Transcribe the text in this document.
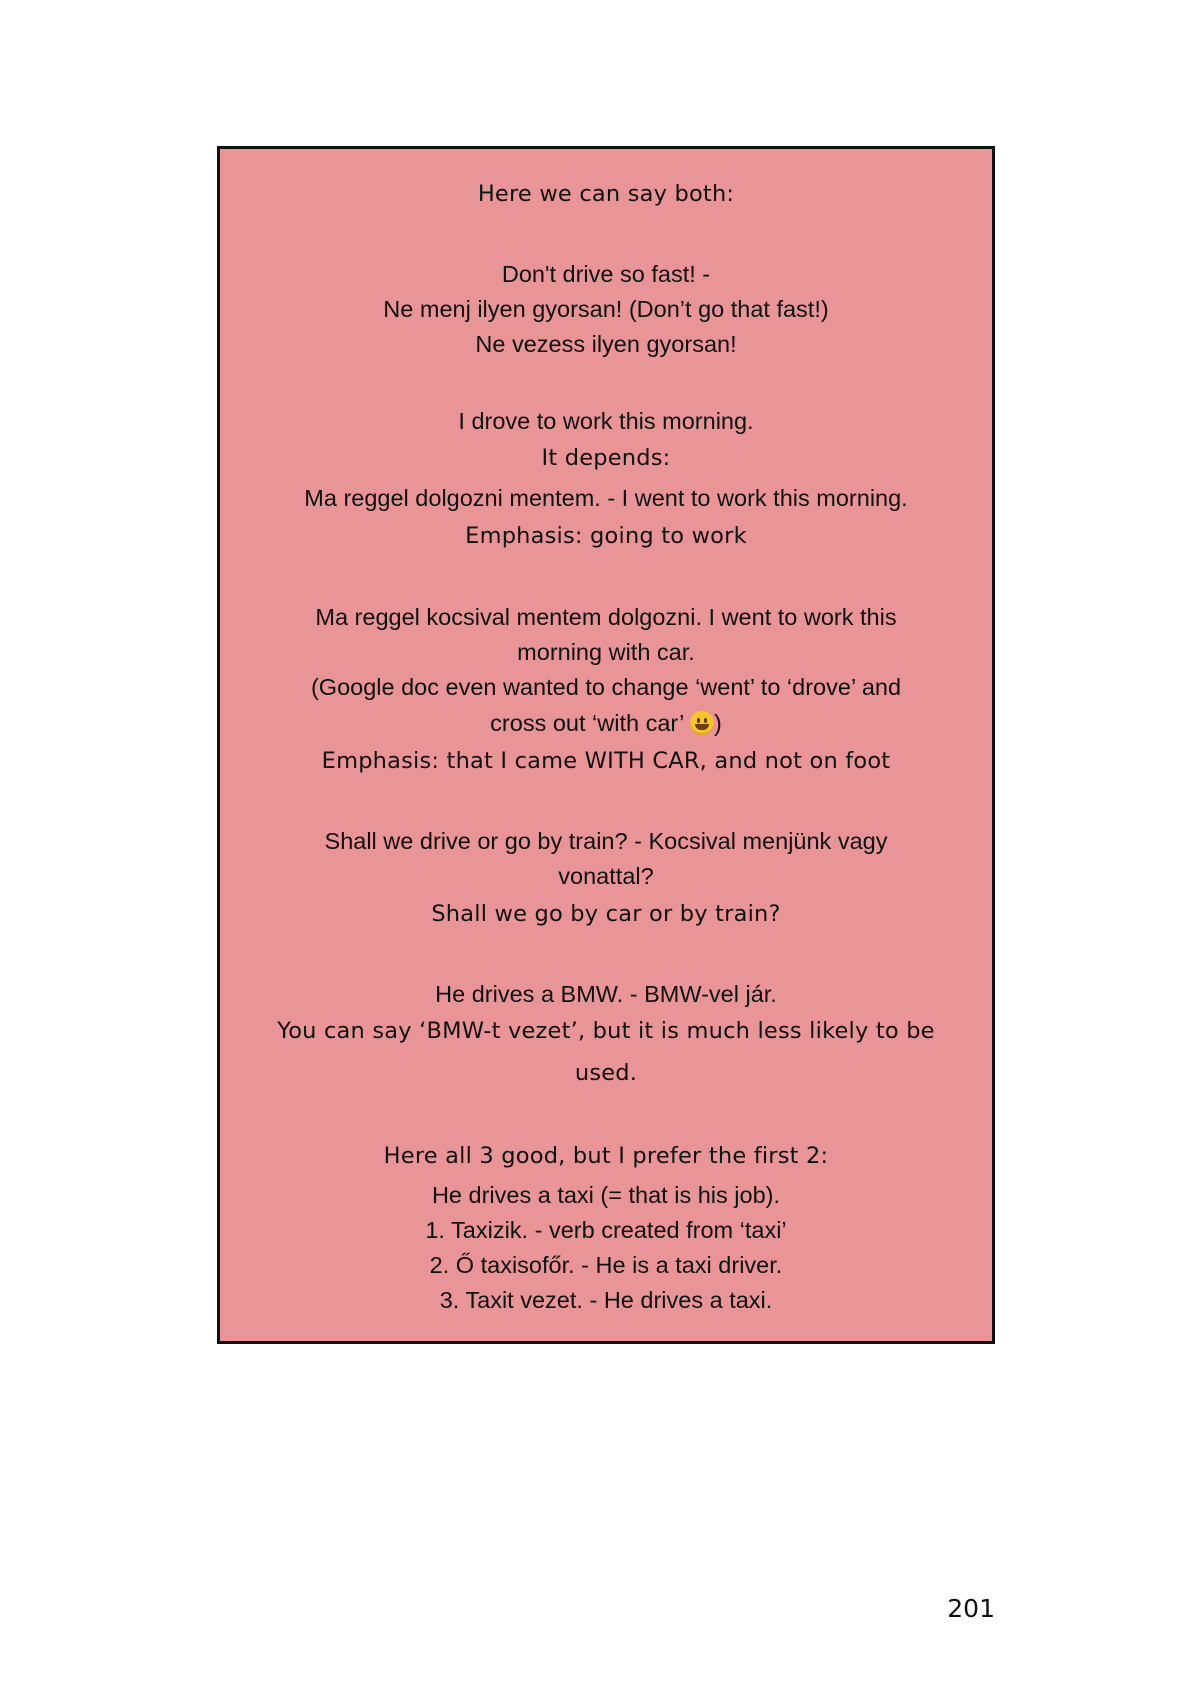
Here we can say both:
Don't drive so fast! -
Ne menj ilyen gyorsan! (Don’t go that fast!)
Ne vezess ilyen gyorsan!
I drove to work this morning.
It depends:
Ma reggel dolgozni mentem. - I went to work this morning.
Emphasis: going to work
Ma reggel kocsival mentem dolgozni. I went to work this
morning with car.
(Google doc even wanted to change ‘went’ to ‘drove’ and
cross out ‘with car’
)
Emphasis: that I came WITH CAR, and not on foot
Shall we drive or go by train? - Kocsival menjünk vagy
vonattal?
Shall we go by car or by train?
He drives a BMW. - BMW-vel jár.
You can say ‘BMW-t vezet’, but it is much less likely to be
used.
Here all 3 good, but I prefer the first 2:
He drives a taxi (= that is his job).
1. Taxizik. - verb created from ‘taxi’
2. Ő taxisofőr. - He is a taxi driver.
3. Taxit vezet. - He drives a taxi.
201
